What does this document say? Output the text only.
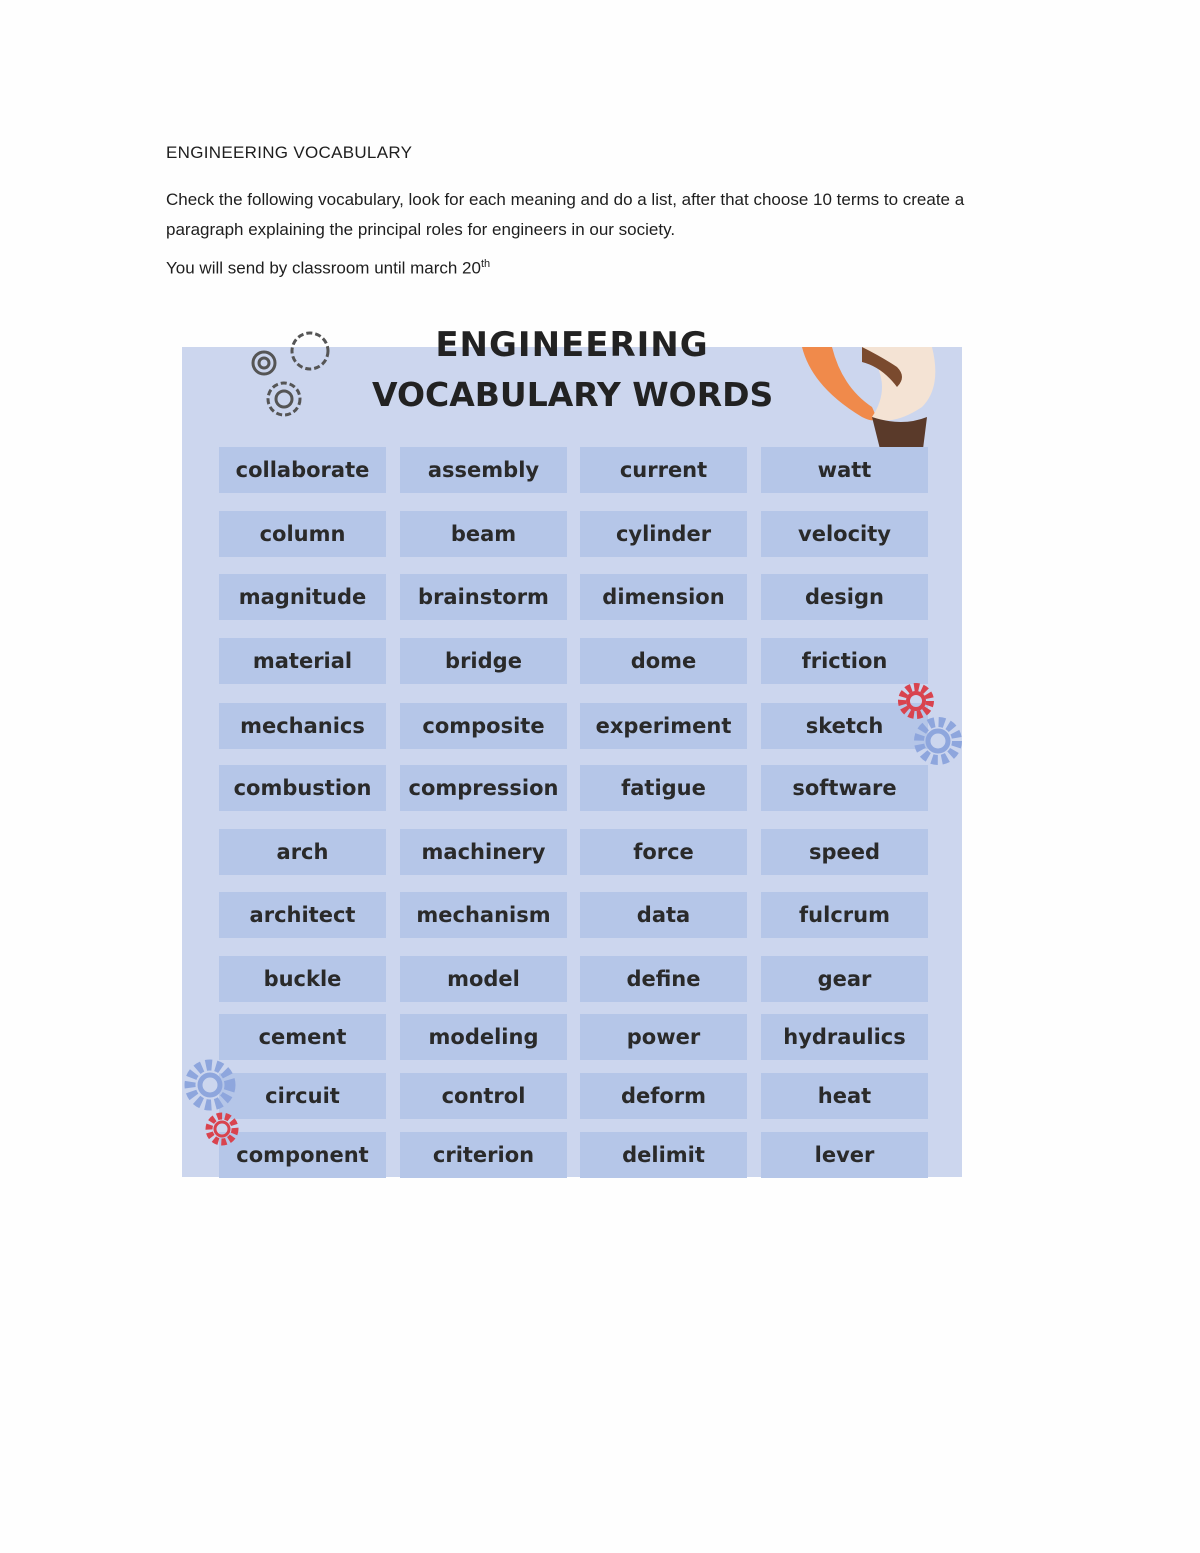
ENGINEERING VOCABULARY
Check the following vocabulary, look for each meaning and do a list, after that choose 10 terms to create a paragraph explaining the principal roles for engineers in our society.
You will send by classroom until march 20th
ENGINEERING
VOCABULARY WORDS
collaborate	assembly	current	watt
column	beam	cylinder	velocity
magnitude	brainstorm	dimension	design
material	bridge	dome	friction
mechanics	composite	experiment	sketch
combustion	compression	fatigue	software
arch	machinery	force	speed
architect	mechanism	data	fulcrum
buckle	model	define	gear
cement	modeling	power	hydraulics
circuit	control	deform	heat
component	criterion	delimit	lever
